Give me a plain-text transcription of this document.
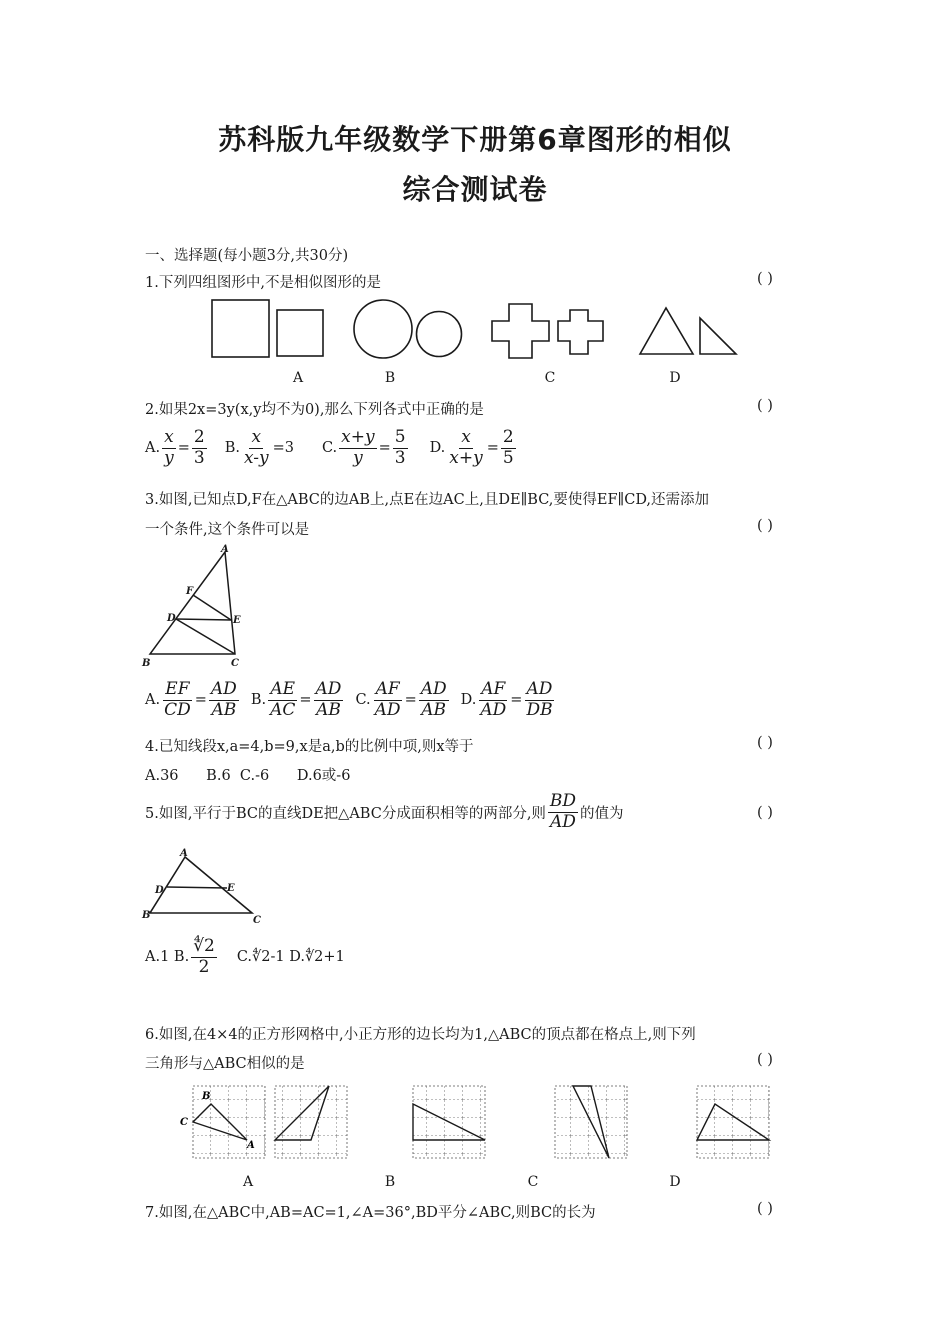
苏科版九年级数学下册第6章图形的相似
综合测试卷
一、选择题(每小题3分,共30分)
1.下列四组图形中,不是相似图形的是	( )
A	B	C	D
2.如果2x=3y(x,y均不为0),那么下列各式中正确的是	( )
A. $\frac{x}{y} = \frac{2}{3} B$. $\frac{x}{x-y} =3$ C. $\frac{x+y}{y} = \frac{5}{3} D$. $\frac{x}{x+y} = \frac{2}{5}$
3.如图,已知点D,F在△ABC的边AB上,点E在边AC上,且DE∥BC,要使得EF∥CD,还需添加
一个条件,这个条件可以是	( )
A
F
D	E
B	C
A. $\frac{EF}{CD} = \frac{AD}{AB} B$. $\frac{AE}{AC} = \frac{AD}{AB} C$. $\frac{AF}{AD} = \frac{AD}{AB} D$. $\frac{AF}{AD} = \frac{AD}{DB}$
4.已知线段x,a=4,b=9,x是a,b的比例中项,则x等于	( )
A.36      B.6  C.-6      D.6或-6
5.如图,平行于BC的直线DE把△ABC分成面积相等的两部分,则 $\frac{BD}{AD}$ 的值为	( )
A
D	E
B	C
A.1 B. $\frac{∜2}{2}$ C.∜2-1 D.∜2+1
6.如图,在4×4的正方形网格中,小正方形的边长均为1,△ABC的顶点都在格点上,则下列
三角形与△ABC相似的是	( )
B
C
A
A	B	C	D
7.如图,在△ABC中,AB=AC=1,∠A=36°,BD平分∠ABC,则BC的长为	( )
